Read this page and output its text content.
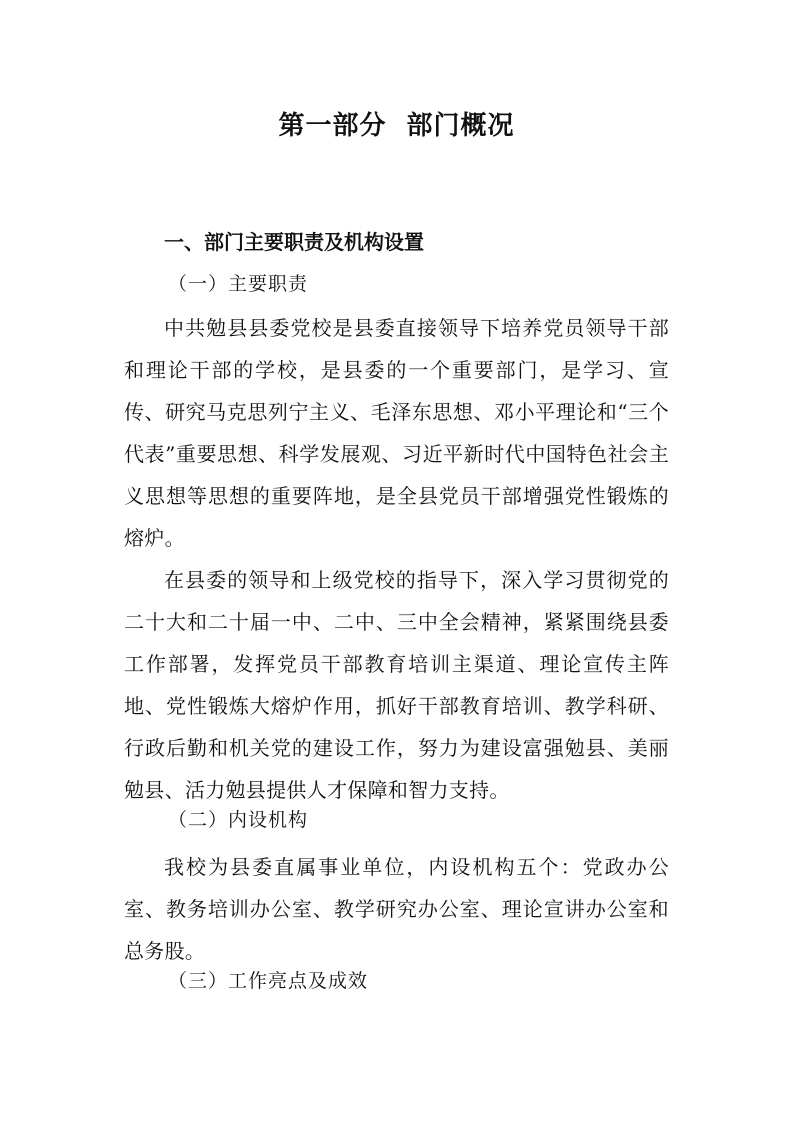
第一部分  部门概况
一、部门主要职责及机构设置
（一）主要职责

中共勉县县委党校是县委直接领导下培养党员领导干部和理论干部的学校，是县委的一个重要部门，是学习、宣传、研究马克思列宁主义、毛泽东思想、邓小平理论和“三个代表”重要思想、科学发展观、习近平新时代中国特色社会主义思想等思想的重要阵地，是全县党员干部增强党性锻炼的熔炉。

在县委的领导和上级党校的指导下，深入学习贯彻党的二十大和二十届一中、二中、三中全会精神，紧紧围绕县委工作部署，发挥党员干部教育培训主渠道、理论宣传主阵地、党性锻炼大熔炉作用，抓好干部教育培训、教学科研、行政后勤和机关党的建设工作，努力为建设富强勉县、美丽勉县、活力勉县提供人才保障和智力支持。

（二）内设机构

我校为县委直属事业单位，内设机构五个：党政办公室、教务培训办公室、教学研究办公室、理论宣讲办公室和总务股。

（三）工作亮点及成效
